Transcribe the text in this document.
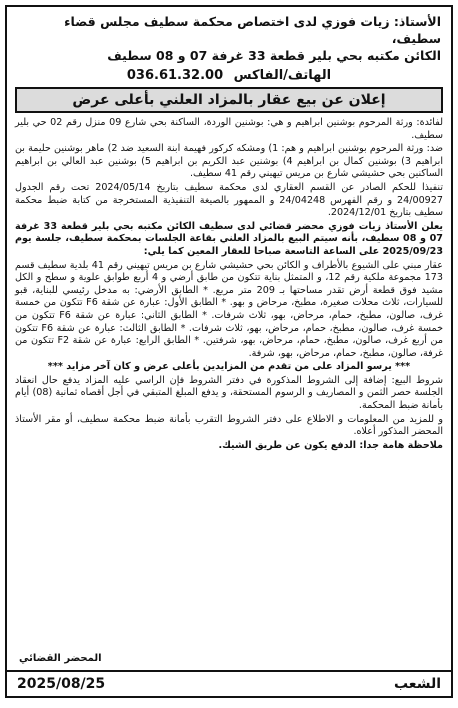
الأستاذ: زيات فوزي لدى اختصاص محكمة سطيف مجلس قضاء سطيف،
الكائن مكتبه بحي بلير قطعة 33 غرفة 07 و 08 سطيف
الهاتف/الفاكس 036.61.32.00
إعلان عن بيع عقار بالمزاد العلني بأعلى عرض

لفائدة: ورثة المرحوم بوشنين ابراهيم و هي: بوشنين الوردة، الساكنة بحي شارع 09 منزل رقم 02 حي بلير سطيف.

ضد: ورثة المرحوم بوشنين ابراهيم و هم: 1) ومشكه كركور فهيمة ابنة السعيد ضد 2) ماهر بوشنين حليمة بن ابراهيم 3) بوشنين كمال بن ابراهيم 4) بوشنين عبد الكريم بن ابراهيم 5) بوشنين عبد العالي بن ابراهيم الساكنين بحي حشيشي شارع بن مريس تيهيني رقم 41 سطيف.

تنفيذا للحكم الصادر عن القسم العقاري لدى محكمة سطيف بتاريخ 2024/05/14 تحت رقم الجدول 24/00927 و رقم الفهرس 24/04248 و الممهور بالصيغة التنفيذية المستخرجة من كتابة ضبط محكمة سطيف بتاريخ 2024/12/01.

يعلن الأستاذ زيات فوزي محضر قضائي لدى سطيف الكائن مكتبه بحي بلير قطعة 33 غرفة 07 و 08 سطيف، بأنه سيتم البيع بالمزاد العلني بقاعة الجلسات بمحكمة سطيف، جلسة يوم 2025/09/23 على الساعة التاسعة صباحا للعقار المعين كما يلي:

عقار مبني على الشيوع بالأطراف و الكائن بحي حشيشي شارع بن مريس تيهيني رقم 41 بلدية سطيف قسم 173 مجموعة ملكية رقم 12، و المتمثل بناية تتكون من طابق أرضي و 4 أربع طوابق علوية و سطح و الكل مشيد فوق قطعة أرض تقدر مساحتها بـ 209 متر مربع. * الطابق الأرضي: به مدخل رئيسي للبناية، قبو للسيارات، ثلاث محلات صغيرة، مطبخ، مرحاض و بهو. * الطابق الأول: عبارة عن شقة F6 تتكون من خمسة غرف، صالون، مطبخ، حمام، مرحاض، بهو، ثلاث شرفات. * الطابق الثاني: عبارة عن شقة F6 تتكون من خمسة غرف، صالون، مطبخ، حمام، مرحاض، بهو، ثلاث شرفات. * الطابق الثالث: عبارة عن شقة F6 تتكون من أربع غرف، صالون، مطبخ، حمام، مرحاض، بهو، شرفتين. * الطابق الرابع: عبارة عن شقة F2 تتكون من غرفة، صالون، مطبخ، حمام، مرحاض، بهو، شرفة.

*** يرسو المزاد على من تقدم من المزايدين بأعلى عرض و كان آخر مزايد ***

شروط البيع: إضافة إلى الشروط المذكورة في دفتر الشروط فإن الراسي عليه المزاد يدفع حال انعقاد الجلسة حصر الثمن و المصاريف و الرسوم المستحقة، و يدفع المبلغ المتبقي في أجل أقصاه ثمانية (08) أيام بأمانة ضبط المحكمة.

و للمزيد من المعلومات و الاطلاع على دفتر الشروط التقرب بأمانة ضبط محكمة سطيف، أو مقر الأستاذ المحضر المذكور أعلاه.

ملاحظة هامة جدا: الدفع يكون عن طريق الشيك.

المحضر القضائي
الشعب
2025/08/25
